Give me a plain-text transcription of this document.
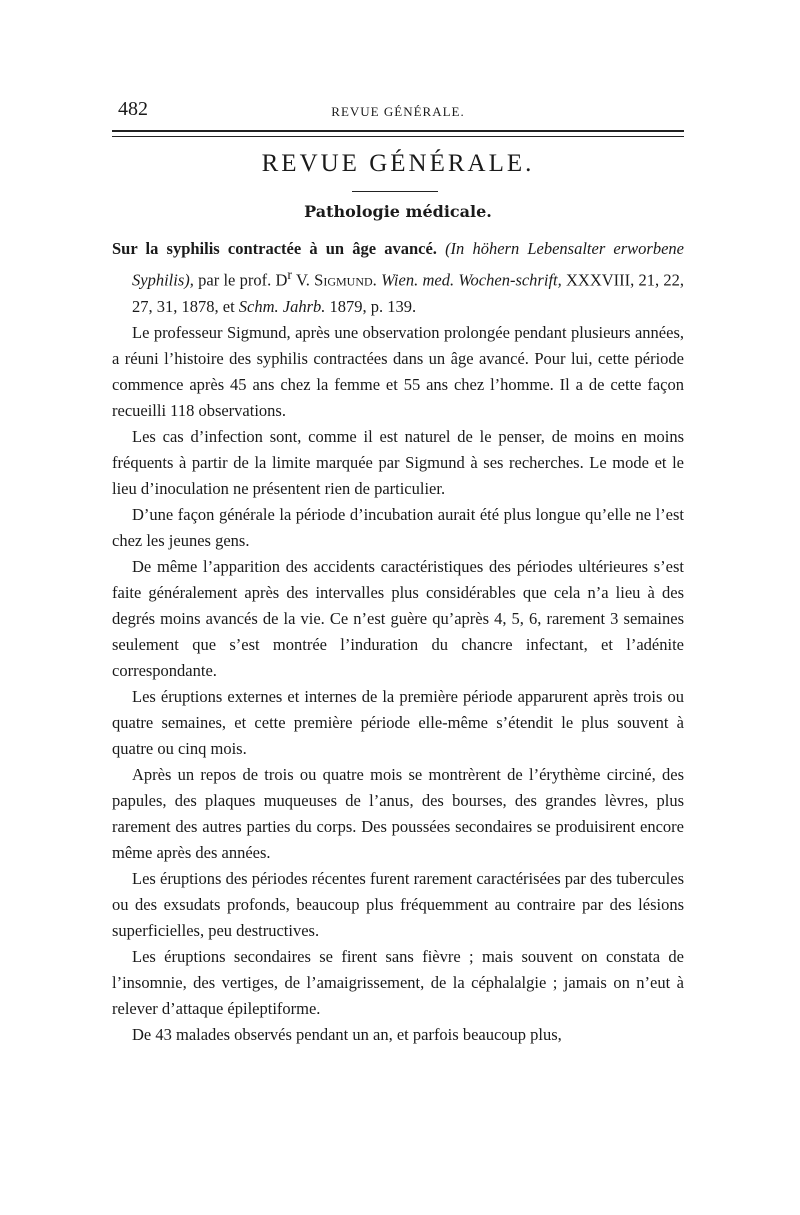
482	REVUE GÉNÉRALE.
REVUE GÉNÉRALE.
Pathologie médicale.

Sur la syphilis contractée à un âge avancé. (In höhern Lebensalter erworbene Syphilis), par le prof. $D^r$ V. Sigmund. Wien. med. Wochen-schrift, XXXVIII, 21, 22, 27, 31, 1878, et Schm. Jahrb. 1879, p. 139.

Le professeur Sigmund, après une observation prolongée pendant plusieurs années, a réuni l’histoire des syphilis contractées dans un âge avancé. Pour lui, cette période commence après 45 ans chez la femme et 55 ans chez l’homme. Il a de cette façon recueilli 118 observations.

Les cas d’infection sont, comme il est naturel de le penser, de moins en moins fréquents à partir de la limite marquée par Sigmund à ses recherches. Le mode et le lieu d’inoculation ne présentent rien de particulier.

D’une façon générale la période d’incubation aurait été plus longue qu’elle ne l’est chez les jeunes gens.

De même l’apparition des accidents caractéristiques des périodes ultérieures s’est faite généralement après des intervalles plus considérables que cela n’a lieu à des degrés moins avancés de la vie. Ce n’est guère qu’après 4, 5, 6, rarement 3 semaines seulement que s’est montrée l’induration du chancre infectant, et l’adénite correspondante.

Les éruptions externes et internes de la première période apparurent après trois ou quatre semaines, et cette première période elle-même s’étendit le plus souvent à quatre ou cinq mois.

Après un repos de trois ou quatre mois se montrèrent de l’érythème circiné, des papules, des plaques muqueuses de l’anus, des bourses, des grandes lèvres, plus rarement des autres parties du corps. Des poussées secondaires se produisirent encore même après des années.

Les éruptions des périodes récentes furent rarement caractérisées par des tubercules ou des exsudats profonds, beaucoup plus fréquemment au contraire par des lésions superficielles, peu destructives.

Les éruptions secondaires se firent sans fièvre ; mais souvent on constata de l’insomnie, des vertiges, de l’amaigrissement, de la céphalalgie ; jamais on n’eut à relever d’attaque épileptiforme.

De 43 malades observés pendant un an, et parfois beaucoup plus,
